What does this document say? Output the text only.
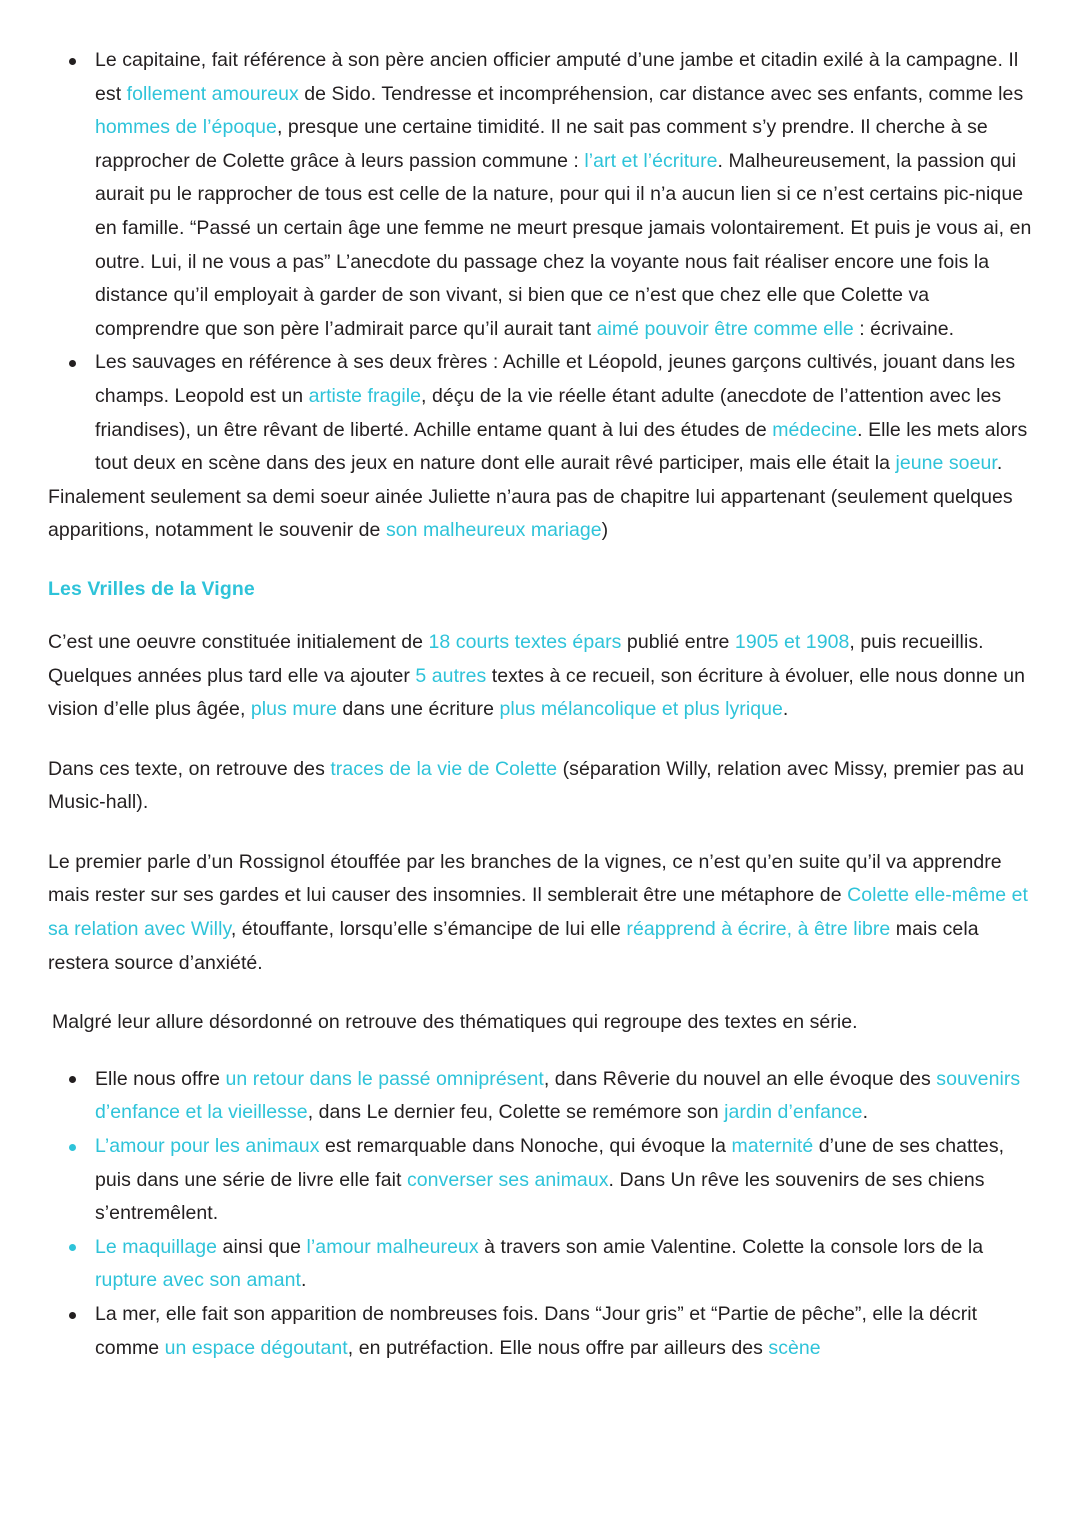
Le capitaine, fait référence à son père ancien officier amputé d’une jambe et citadin exilé à la campagne. Il est follement amoureux de Sido. Tendresse et incompréhension, car distance avec ses enfants, comme les hommes de l’époque, presque une certaine timidité. Il ne sait pas comment s’y prendre. Il cherche à se rapprocher de Colette grâce à leurs passion commune : l’art et l’écriture. Malheureusement, la passion qui aurait pu le rapprocher de tous est celle de la nature, pour qui il n’a aucun lien si ce n’est certains pic-nique en famille. “Passé un certain âge une femme ne meurt presque jamais volontairement. Et puis je vous ai, en outre. Lui, il ne vous a pas” L’anecdote du passage chez la voyante nous fait réaliser encore une fois la distance qu’il employait à garder de son vivant, si bien que ce n’est que chez elle que Colette va comprendre que son père l’admirait parce qu’il aurait tant aimé pouvoir être comme elle : écrivaine.
Les sauvages en référence à ses deux frères : Achille et Léopold, jeunes garçons cultivés, jouant dans les champs. Leopold est un artiste fragile, déçu de la vie réelle étant adulte (anecdote de l’attention avec les friandises), un être rêvant de liberté. Achille entame quant à lui des études de médecine. Elle les mets alors tout deux en scène dans des jeux en nature dont elle aurait rêvé participer, mais elle était la jeune soeur.

Finalement seulement sa demi soeur ainée Juliette n’aura pas de chapitre lui appartenant (seulement quelques apparitions, notamment le souvenir de son malheureux mariage)

Les Vrilles de la Vigne

C’est une oeuvre constituée initialement de 18 courts textes épars publié entre 1905 et 1908, puis recueillis. Quelques années plus tard elle va ajouter 5 autres textes à ce recueil, son écriture à évoluer, elle nous donne un vision d’elle plus âgée, plus mure dans une écriture plus mélancolique et plus lyrique.

Dans ces texte, on retrouve des traces de la vie de Colette (séparation Willy, relation avec Missy, premier pas au Music-hall).

Le premier parle d’un Rossignol étouffée par les branches de la vignes, ce n’est qu’en suite qu’il va apprendre mais rester sur ses gardes et lui causer des insomnies. Il semblerait être une métaphore de Colette elle-même et sa relation avec Willy, étouffante, lorsqu’elle s’émancipe de lui elle réapprend à écrire, à être libre mais cela restera source d’anxiété.

Malgré leur allure désordonné on retrouve des thématiques qui regroupe des textes en série.

Elle nous offre un retour dans le passé omniprésent, dans Rêverie du nouvel an elle évoque des souvenirs d’enfance et la vieillesse, dans Le dernier feu, Colette se remémore son jardin d’enfance.
L’amour pour les animaux est remarquable dans Nonoche, qui évoque la maternité d’une de ses chattes, puis dans une série de livre elle fait converser ses animaux. Dans Un rêve les souvenirs de ses chiens s’entremêlent.
Le maquillage ainsi que l’amour malheureux à travers son amie Valentine. Colette la console lors de la rupture avec son amant.
La mer, elle fait son apparition de nombreuses fois. Dans “Jour gris” et “Partie de pêche”, elle la décrit comme un espace dégoutant, en putréfaction. Elle nous offre par ailleurs des scène
